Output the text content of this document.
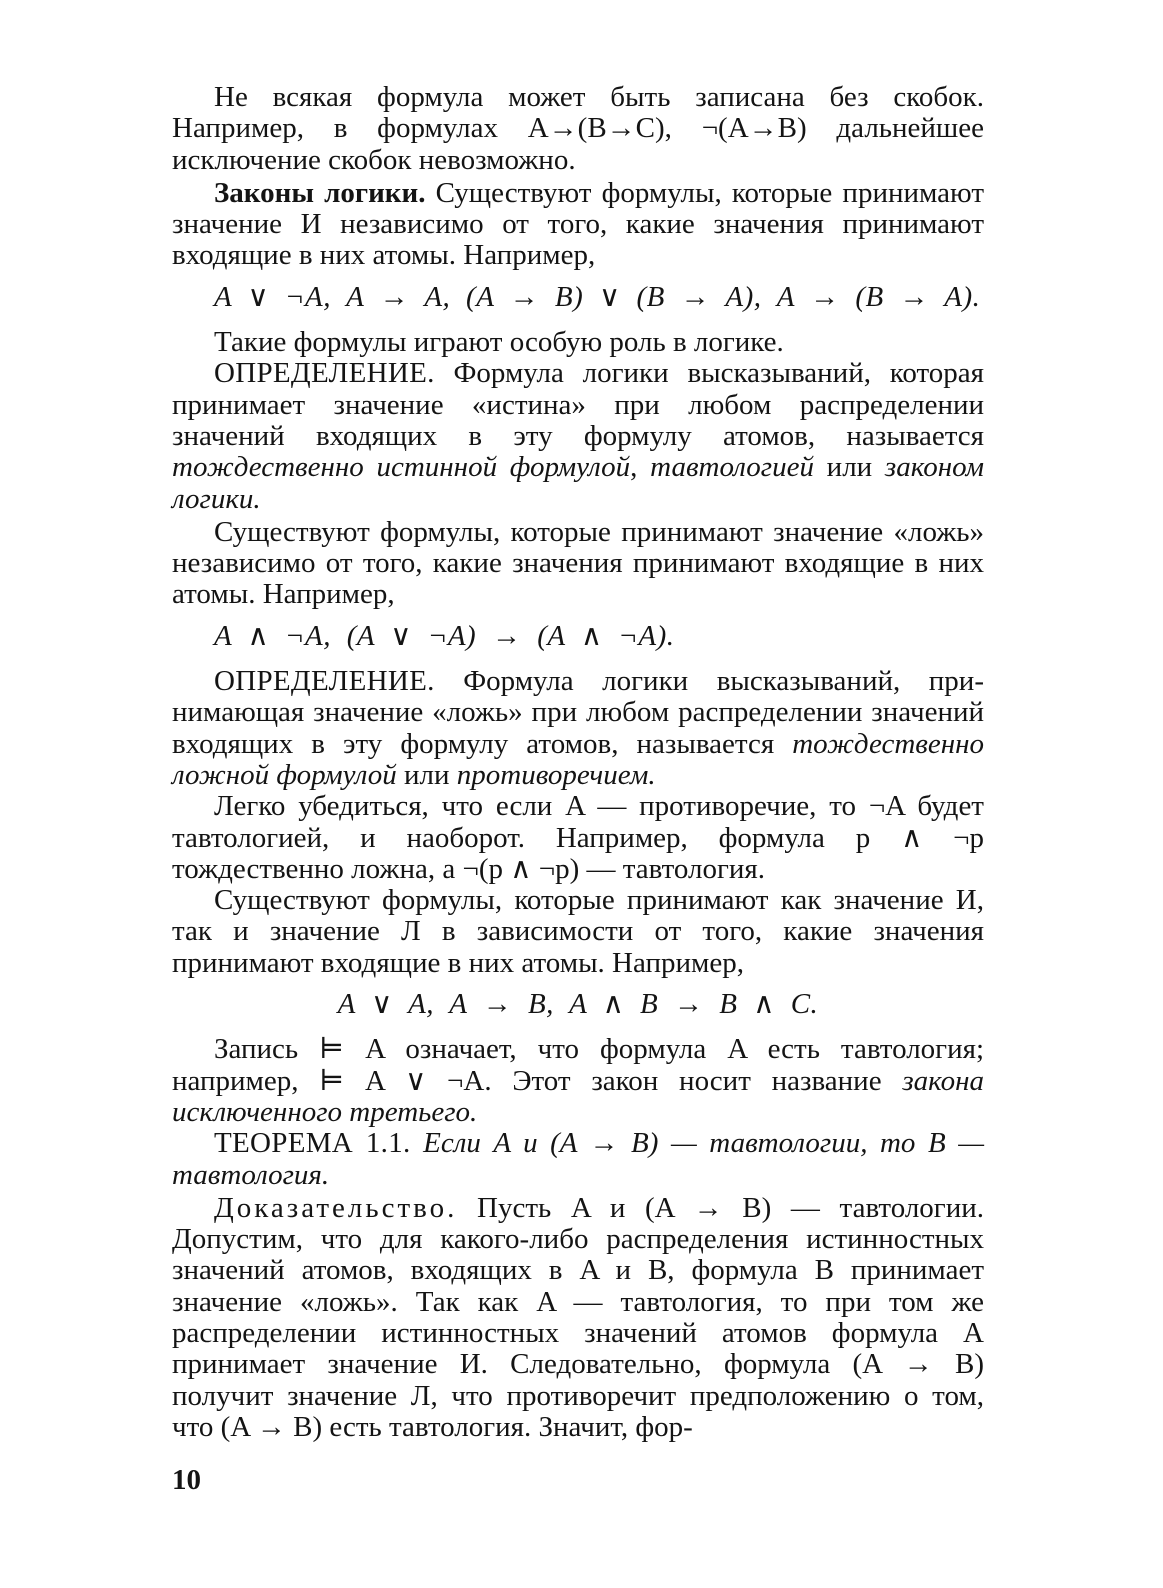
Не всякая формула может быть записана без скобок. Например, в формулах A→(B→C), ¬(A→B) дальнейшее исключение скобок невозможно.

Законы логики. Существуют формулы, которые принимают значение И независимо от того, какие значения принимают входящие в них атомы. Например,

A ∨ ¬A, A → A, (A → B) ∨ (B → A), A → (B → A).

Такие формулы играют особую роль в логике.

ОПРЕДЕЛЕНИЕ. Формула логики высказываний, которая принимает значение «истина» при любом распределении значений входящих в эту формулу атомов, называется тождественно истинной формулой, тавтологией или законом логики.

Существуют формулы, которые принимают значение «ложь» независимо от того, какие значения принимают входящие в них атомы. Например,

A ∧ ¬A, (A ∨ ¬A) → (A ∧ ¬A).

ОПРЕДЕЛЕНИЕ. Формула логики высказываний, принимающая значение «ложь» при любом распределении значений входящих в эту формулу атомов, называется тождественно ложной формулой или противоречием.

Легко убедиться, что если A — противоречие, то ¬A будет тавтологией, и наоборот. Например, формула p ∧ ¬p тождественно ложна, а ¬(p ∧ ¬p) — тавтология.

Существуют формулы, которые принимают как значение И, так и значение Л в зависимости от того, какие значения принимают входящие в них атомы. Например,

A ∨ A, A → B, A ∧ B → B ∧ C.

Запись ⊨ A означает, что формула A есть тавтология; например, ⊨ A ∨ ¬A. Этот закон носит название закона исключенного третьего.

ТЕОРЕМА 1.1. Если A и (A → B) — тавтологии, то B — тавтология.

Доказательство. Пусть A и (A → B) — тавтологии. Допустим, что для какого-либо распределения истинностных значений атомов, входящих в A и B, формула B принимает значение «ложь». Так как A — тавтология, то при том же распределении истинностных значений атомов формула A принимает значение И. Следовательно, формула (A → B) получит значение Л, что противоречит предположению о том, что (A → B) есть тавтология. Значит, фор-

10
